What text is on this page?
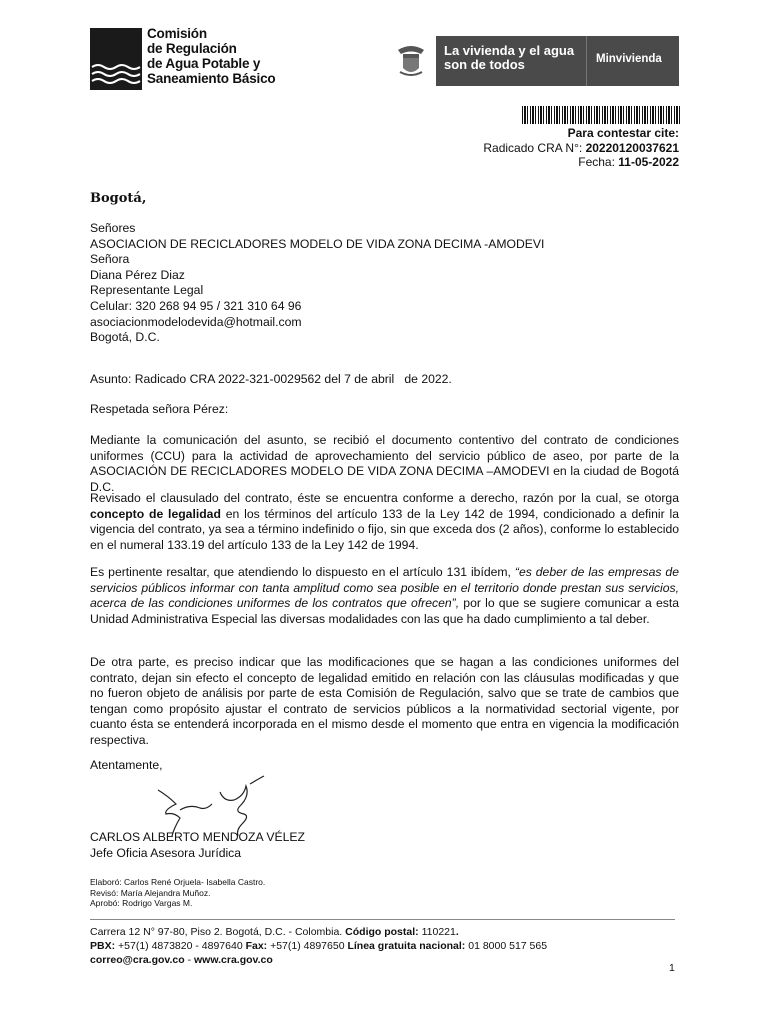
Comisión
de Regulación
de Agua Potable y
Saneamiento Básico
La vivienda y el agua
son de todos	Minvivienda
Para contestar cite:
Radicado CRA N°: 20220120037621
Fecha: 11-05-2022
Bogotá,
Señores
ASOCIACION DE RECICLADORES MODELO DE VIDA ZONA DECIMA -AMODEVI
Señora
Diana Pérez Diaz
Representante Legal
Celular: 320 268 94 95 / 321 310 64 96
asociacionmodelodevida@hotmail.com
Bogotá, D.C.
Asunto: Radicado CRA 2022-321-0029562 del 7 de abril   de 2022.
Respetada señora Pérez:
Mediante la comunicación del asunto, se recibió el documento contentivo del contrato de condiciones uniformes (CCU) para la actividad de aprovechamiento del servicio público de aseo, por parte de la ASOCIACIÓN DE RECICLADORES MODELO DE VIDA ZONA DECIMA –AMODEVI en la ciudad de Bogotá D.C.
Revisado el clausulado del contrato, éste se encuentra conforme a derecho, razón por la cual, se otorga concepto de legalidad en los términos del artículo 133 de la Ley 142 de 1994, condicionado a definir la vigencia del contrato, ya sea a término indefinido o fijo, sin que exceda dos (2 años), conforme lo establecido en el numeral 133.19 del artículo 133 de la Ley 142 de 1994.
Es pertinente resaltar, que atendiendo lo dispuesto en el artículo 131 ibídem, “es deber de las empresas de servicios públicos informar con tanta amplitud como sea posible en el territorio donde prestan sus servicios, acerca de las condiciones uniformes de los contratos que ofrecen”, por lo que se sugiere comunicar a esta Unidad Administrativa Especial las diversas modalidades con las que ha dado cumplimiento a tal deber.
De otra parte, es preciso indicar que las modificaciones que se hagan a las condiciones uniformes del contrato, dejan sin efecto el concepto de legalidad emitido en relación con las cláusulas modificadas y que no fueron objeto de análisis por parte de esta Comisión de Regulación, salvo que se trate de cambios que tengan como propósito ajustar el contrato de servicios públicos a la normatividad sectorial vigente, por cuanto ésta se entenderá incorporada en el mismo desde el momento que entra en vigencia la modificación respectiva.
Atentamente,
CARLOS ALBERTO MENDOZA VÉLEZ
Jefe Oficia Asesora Jurídica
Elaboró: Carlos René Orjuela- Isabella Castro.
Revisó: María Alejandra Muñoz.
Aprobó: Rodrigo Vargas M.
Carrera 12 N° 97-80, Piso 2. Bogotá, D.C. - Colombia. Código postal: 110221.
PBX: +57(1) 4873820 - 4897640 Fax: +57(1) 4897650 Línea gratuita nacional: 01 8000 517 565
correo@cra.gov.co - www.cra.gov.co
1
